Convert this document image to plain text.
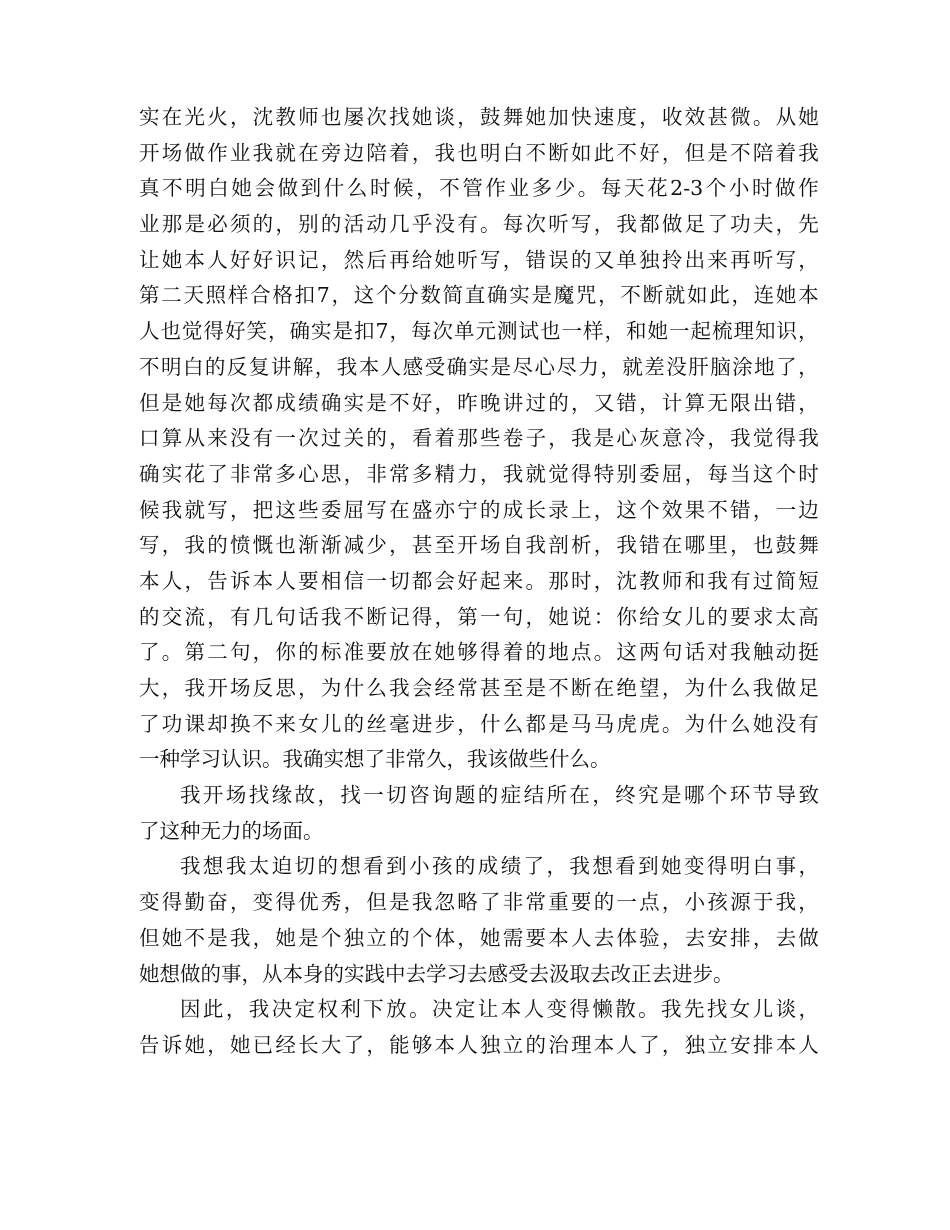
实 在 光 火 ， 沈 教 师 也 屡 次 找 她 谈 ， 鼓 舞 她 加 快 速 度 ， 收 效 甚 微 。 从 她
开 场 做 作 业 我 就 在 旁 边 陪 着 ， 我 也 明 白 不 断 如 此 不 好 ， 但 是 不 陪 着 我
真 不 明 白 她 会 做 到 什 么 时 候 ， 不 管 作 业 多 少 。 每 天 花 2-3 个 小 时 做 作
业 那 是 必 须 的 ， 别 的 活 动 几 乎 没 有 。 每 次 听 写 ， 我 都 做 足 了 功 夫 ， 先
让 她 本 人 好 好 识 记 ， 然 后 再 给 她 听 写 ， 错 误 的 又 单 独 拎 出 来 再 听 写 ，
第 二 天 照 样 合 格 扣 7 ， 这 个 分 数 简 直 确 实 是 魔 咒 ， 不 断 就 如 此 ， 连 她 本
人 也 觉 得 好 笑 ， 确 实 是 扣 7 ， 每 次 单 元 测 试 也 一 样 ， 和 她 一 起 梳 理 知 识 ，
不 明 白 的 反 复 讲 解 ， 我 本 人 感 受 确 实 是 尽 心 尽 力 ， 就 差 没 肝 脑 涂 地 了 ，
但 是 她 每 次 都 成 绩 确 实 是 不 好 ， 昨 晚 讲 过 的 ， 又 错 ， 计 算 无 限 出 错 ，
口 算 从 来 没 有 一 次 过 关 的 ， 看 着 那 些 卷 子 ， 我 是 心 灰 意 冷 ， 我 觉 得 我
确 实 花 了 非 常 多 心 思 ， 非 常 多 精 力 ， 我 就 觉 得 特 别 委 屈 ， 每 当 这 个 时
候 我 就 写 ， 把 这 些 委 屈 写 在 盛 亦 宁 的 成 长 录 上 ， 这 个 效 果 不 错 ， 一 边
写 ， 我 的 愤 慨 也 渐 渐 减 少 ， 甚 至 开 场 自 我 剖 析 ， 我 错 在 哪 里 ， 也 鼓 舞
本 人 ， 告 诉 本 人 要 相 信 一 切 都 会 好 起 来 。 那 时 ， 沈 教 师 和 我 有 过 简 短
的 交 流 ， 有 几 句 话 我 不 断 记 得 ， 第 一 句 ， 她 说 ： 你 给 女 儿 的 要 求 太 高
了 。 第 二 句 ， 你 的 标 准 要 放 在 她 够 得 着 的 地 点 。 这 两 句 话 对 我 触 动 挺
大 ， 我 开 场 反 思 ， 为 什 么 我 会 经 常 甚 至 是 不 断 在 绝 望 ， 为 什 么 我 做 足
了 功 课 却 换 不 来 女 儿 的 丝 毫 进 步 ， 什 么 都 是 马 马 虎 虎 。 为 什 么 她 没 有
一种学习认识。我确实想了非常久，我该做些什么。
我 开 场 找 缘 故 ， 找 一 切 咨 询 题 的 症 结 所 在 ， 终 究 是 哪 个 环 节 导 致
了这种无力的场面。
我 想 我 太 迫 切 的 想 看 到 小 孩 的 成 绩 了 ， 我 想 看 到 她 变 得 明 白 事 ，
变 得 勤 奋 ， 变 得 优 秀 ， 但 是 我 忽 略 了 非 常 重 要 的 一 点 ， 小 孩 源 于 我 ，
但 她 不 是 我 ， 她 是 个 独 立 的 个 体 ， 她 需 要 本 人 去 体 验 ， 去 安 排 ， 去 做
她想做的事，从本身的实践中去学习去感受去汲取去改正去进步。
因 此 ， 我 决 定 权 利 下 放 。 决 定 让 本 人 变 得 懒 散 。 我 先 找 女 儿 谈 ，
告 诉 她 ， 她 已 经 长 大 了 ， 能 够 本 人 独 立 的 治 理 本 人 了 ， 独 立 安 排 本 人
